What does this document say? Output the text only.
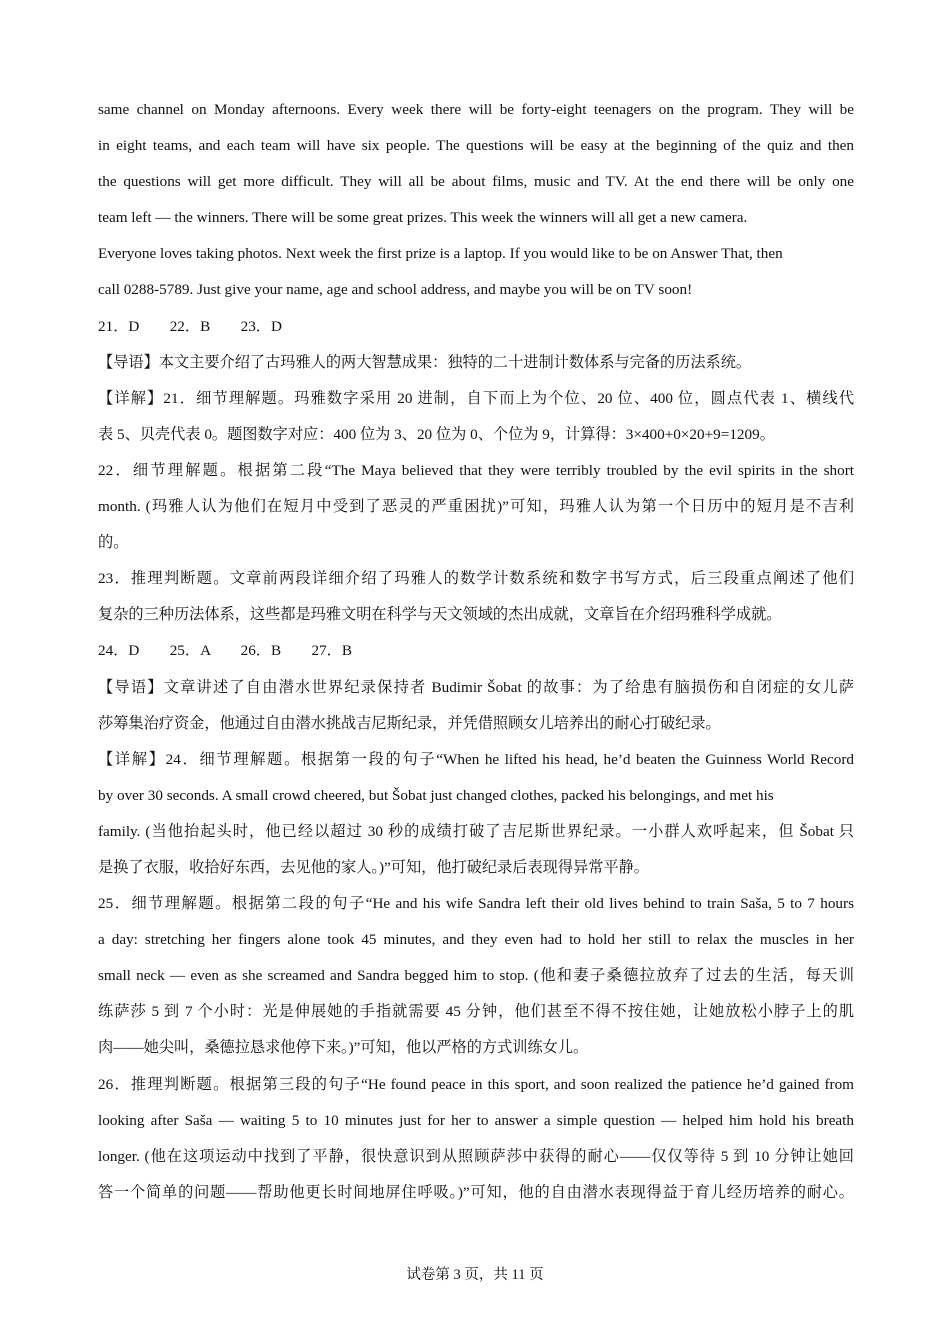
same channel on Monday afternoons. Every week there will be forty-eight teenagers on the program. They will be
in eight teams, and each team will have six people. The questions will be easy at the beginning of the quiz and then
the questions will get more difficult. They will all be about films, music and TV. At the end there will be only one
team left — the winners. There will be some great prizes. This week the winners will all get a new camera.
Everyone loves taking photos. Next week the first prize is a laptop. If you would like to be on Answer That, then
call 0288-5789. Just give your name, age and school address, and maybe you will be on TV soon!
21．D　　22．B　　23．D
【导语】本文主要介绍了古玛雅人的两大智慧成果：独特的二十进制计数体系与完备的历法系统。
【详解】21．细节理解题。玛雅数字采用 20 进制，自下而上为个位、20 位、400 位，圆点代表 1、横线代
表 5、贝壳代表 0。题图数字对应：400 位为 3、20 位为 0、个位为 9，计算得：3×400+0×20+9=1209。
22．细节理解题。根据第二段“The Maya believed that they were terribly troubled by the evil spirits in the short
month. (玛雅人认为他们在短月中受到了恶灵的严重困扰)”可知，玛雅人认为第一个日历中的短月是不吉利
的。
23．推理判断题。文章前两段详细介绍了玛雅人的数学计数系统和数字书写方式，后三段重点阐述了他们
复杂的三种历法体系，这些都是玛雅文明在科学与天文领域的杰出成就，文章旨在介绍玛雅科学成就。
24．D　　25．A　　26．B　　27．B
【导语】文章讲述了自由潜水世界纪录保持者 Budimir Šobat 的故事：为了给患有脑损伤和自闭症的女儿萨
莎筹集治疗资金，他通过自由潜水挑战吉尼斯纪录，并凭借照顾女儿培养出的耐心打破纪录。
【详解】24．细节理解题。根据第一段的句子“When he lifted his head, he’d beaten the Guinness World Record
by over 30 seconds. A small crowd cheered, but Šobat just changed clothes, packed his belongings, and met his
family. (当他抬起头时，他已经以超过 30 秒的成绩打破了吉尼斯世界纪录。一小群人欢呼起来，但 Šobat 只
是换了衣服，收拾好东西，去见他的家人。)”可知，他打破纪录后表现得异常平静。
25．细节理解题。根据第二段的句子“He and his wife Sandra left their old lives behind to train Saša, 5 to 7 hours
a day: stretching her fingers alone took 45 minutes, and they even had to hold her still to relax the muscles in her
small neck — even as she screamed and Sandra begged him to stop. (他和妻子桑德拉放弃了过去的生活，每天训
练萨莎 5 到 7 个小时：光是伸展她的手指就需要 45 分钟，他们甚至不得不按住她，让她放松小脖子上的肌
肉——她尖叫，桑德拉恳求他停下来。)”可知，他以严格的方式训练女儿。
26．推理判断题。根据第三段的句子“He found peace in this sport, and soon realized the patience he’d gained from
looking after Saša — waiting 5 to 10 minutes just for her to answer a simple question — helped him hold his breath
longer. (他在这项运动中找到了平静，很快意识到从照顾萨莎中获得的耐心——仅仅等待 5 到 10 分钟让她回
答一个简单的问题——帮助他更长时间地屏住呼吸。)”可知，他的自由潜水表现得益于育儿经历培养的耐心。
试卷第 3 页，共 11 页
